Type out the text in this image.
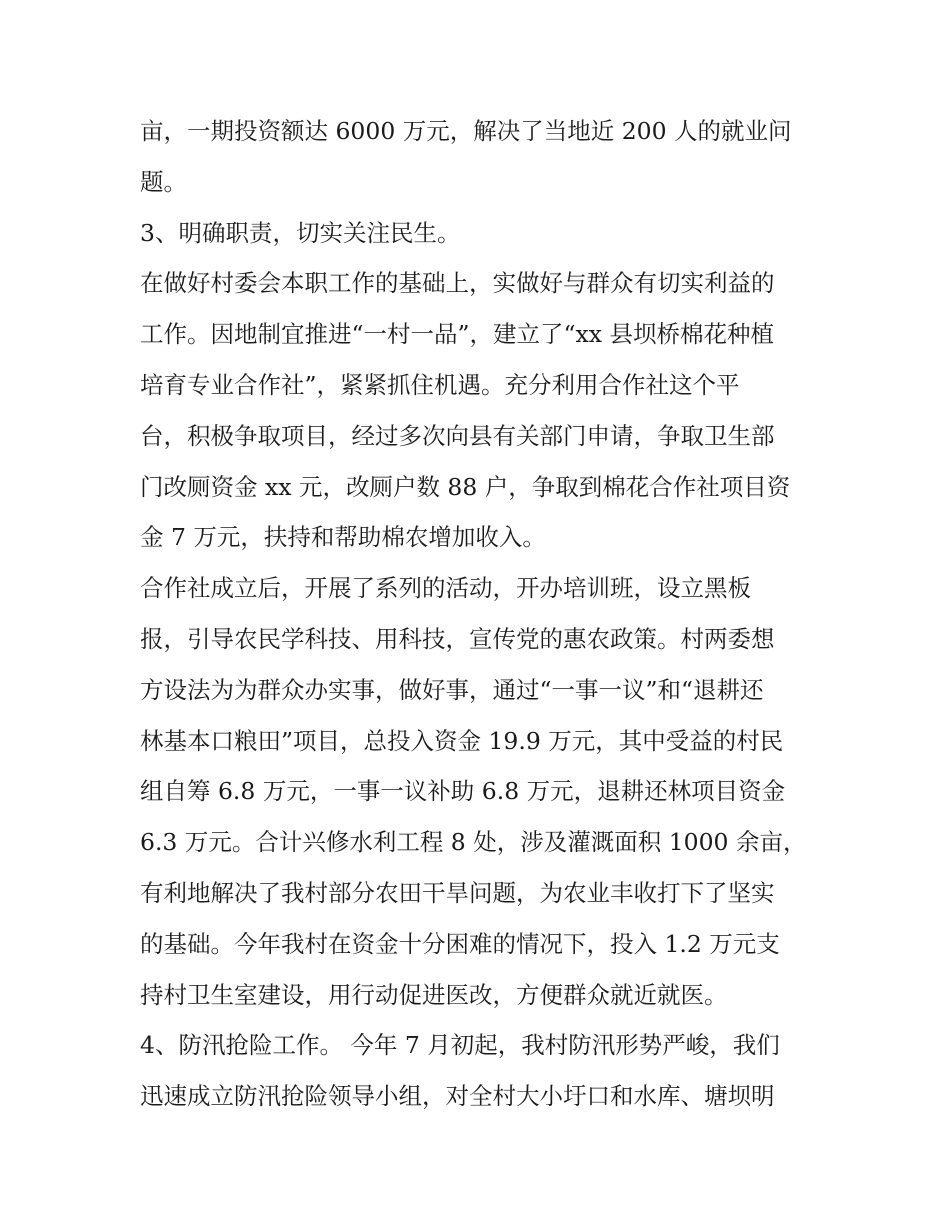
亩，一期投资额达 6000 万元，解决了当地近 200 人的就业问
题。
3、明确职责，切实关注民生。
在做好村委会本职工作的基础上，实做好与群众有切实利益的
工作。因地制宜推进“一村一品”，建立了“xx 县坝桥棉花种植
培育专业合作社”，紧紧抓住机遇。充分利用合作社这个平
台，积极争取项目，经过多次向县有关部门申请，争取卫生部
门改厕资金 xx 元，改厕户数 88 户，争取到棉花合作社项目资
金 7 万元，扶持和帮助棉农增加收入。
合作社成立后，开展了系列的活动，开办培训班，设立黑板
报，引导农民学科技、用科技，宣传党的惠农政策。村两委想
方设法为为群众办实事，做好事，通过“一事一议”和“退耕还
林基本口粮田”项目，总投入资金 19.9 万元，其中受益的村民
组自筹 6.8 万元，一事一议补助 6.8 万元，退耕还林项目资金
6.3 万元。合计兴修水利工程 8 处，涉及灌溉面积 1000 余亩，
有利地解决了我村部分农田干旱问题，为农业丰收打下了坚实
的基础。今年我村在资金十分困难的情况下，投入 1.2 万元支
持村卫生室建设，用行动促进医改，方便群众就近就医。
4、防汛抢险工作。 今年 7 月初起，我村防汛形势严峻，我们
迅速成立防汛抢险领导小组，对全村大小圩口和水库、塘坝明
